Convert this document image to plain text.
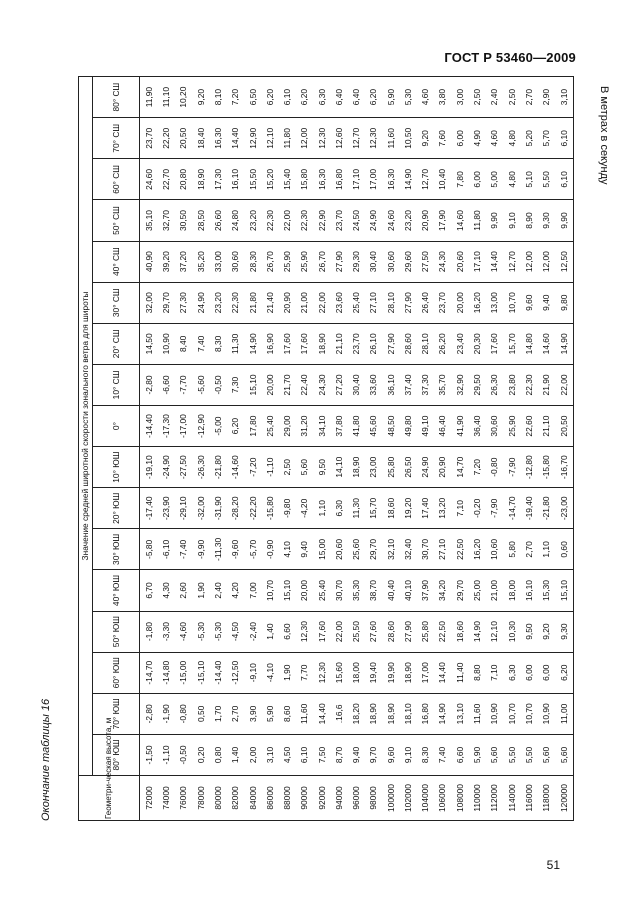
ГОСТ Р 53460—2009
Окончание таблицы 16
В метрах в секунду
Геометри-ческая высота, м	Значение средней широтной скорости зонального ветра для широты																
	80° ЮШ	70° ЮШ	60° ЮШ	50° ЮШ	40° ЮШ	30° ЮШ	20° ЮШ	10° ЮШ	0°	10° СШ	20° СШ	30° СШ	40° СШ	50° СШ	60° СШ	70° СШ	80° СШ
72000	-1,50	-2,80	-14,70	-1,80	6,70	-5,80	-17,40	-19,10	-14,40	-2,80	14,50	32,00	40,90	35,10	24,60	23,70	11,90
74000	-1,10	-1,90	-14,80	-3,30	4,30	-6,10	-23,90	-24,90	-17,30	-6,60	10,90	29,70	39,20	32,70	22,70	22,20	11,10
76000	-0,50	-0,80	-15,00	-4,60	2,60	-7,40	-29,10	-27,50	-17,00	-7,70	8,40	27,30	37,20	30,50	20,80	20,50	10,20
78000	0,20	0,50	-15,10	-5,30	1,90	-9,90	-32,00	-26,30	-12,90	-5,60	7,40	24,90	35,20	28,50	18,90	18,40	9,20
80000	0,80	1,70	-14,40	-5,30	2,40	-11,30	-31,90	-21,80	-5,00	-0,50	8,30	23,20	33,00	26,60	17,30	16,30	8,10
82000	1,40	2,70	-12,50	-4,50	4,20	-9,60	-28,20	-14,60	6,20	7,30	11,30	22,30	30,60	24,80	16,10	14,40	7,20
84000	2,00	3,90	-9,10	-2,40	7,00	-5,70	-22,20	-7,20	17,80	15,10	14,90	21,80	28,30	23,20	15,50	12,90	6,50
86000	3,10	5,90	-4,10	1,40	10,70	-0,90	-15,80	-1,10	25,40	20,00	16,90	21,40	26,70	22,30	15,20	12,10	6,20
88000	4,50	8,60	1,90	6,60	15,10	4,10	-9,80	2,50	29,00	21,70	17,60	20,90	25,90	22,00	15,40	11,80	6,10
90000	6,10	11,60	7,70	12,30	20,00	9,40	-4,20	5,60	31,20	22,40	17,60	21,00	25,90	22,30	15,80	12,00	6,20
92000	7,50	14,40	12,30	17,60	25,40	15,00	1,10	9,50	34,10	24,30	18,90	22,00	26,70	22,90	16,30	12,30	6,30
94000	8,70	.16,6	15,60	22,00	30,70	20,60	6,30	14,10	37,80	27,20	21,10	23,60	27,90	23,70	16,80	12,60	6,40
96000	9,40	18,20	18,00	25,50	35,30	25,60	11,30	18,90	41,80	30,40	23,70	25,40	29,30	24,50	17,10	12,70	6,40
98000	9,70	18,90	19,40	27,60	38,70	29,70	15,70	23,00	45,60	33,60	26,10	27,10	30,40	24,90	17,00	12,30	6,20
100000	9,60	18,90	19,90	28,60	40,40	32,10	18,60	25,80	48,50	36,10	27,90	28,10	30,60	24,60	16,30	11,60	5,90
102000	9,10	18,10	18,90	27,90	40,10	32,40	19,20	26,50	49,80	37,40	28,60	27,90	29,60	23,20	14,90	10,50	5,30
104000	8,30	16,80	17,00	25,80	37,90	30,70	17,40	24,90	49,10	37,30	28,10	26,40	27,50	20,90	12,70	9,20	4,60
106000	7,40	14,90	14,40	22,50	34,20	27,10	13,20	20,90	46,40	35,70	26,20	23,70	24,30	17,90	10,40	7,60	3,80
108000	6,60	13,10	11,40	18,60	29,70	22,50	7,10	14,70	41,90	32,90	23,40	20,00	20,60	14,60	7,80	6,00	3,00
110000	5,90	11,60	8,80	14,90	25,00	16,20	-0,20	7,20	36,40	29,50	20,30	16,20	17,10	11,80	6,00	4,90	2,50
112000	5,60	10,90	7,10	12,10	21,00	10,60	-7,90	-0,80	30,60	26,30	17,60	13,00	14,40	9,90	5,00	4,60	2,40
114000	5,50	10,70	6,30	10,30	18,00	5,80	-14,70	-7,90	25,90	23,80	15,70	10,70	12,70	9,10	4,80	4,80	2,50
116000	5,50	10,70	6,00	9,50	16,10	2,70	-19,40	-12,80	22,60	22,30	14,80	9,60	12,00	8,90	5,10	5,20	2,70
118000	5,60	10,90	6,00	9,20	15,30	1,10	-21,80	-15,80	21,10	21,90	14,60	9,40	12,00	9,30	5,50	5,70	2,90
120000	5,60	11,00	6,20	9,30	15,10	0,60	-23,00	-16,70	20,50	22,00	14,90	9,80	12,50	9,90	6,10	6,10	3,10
51
